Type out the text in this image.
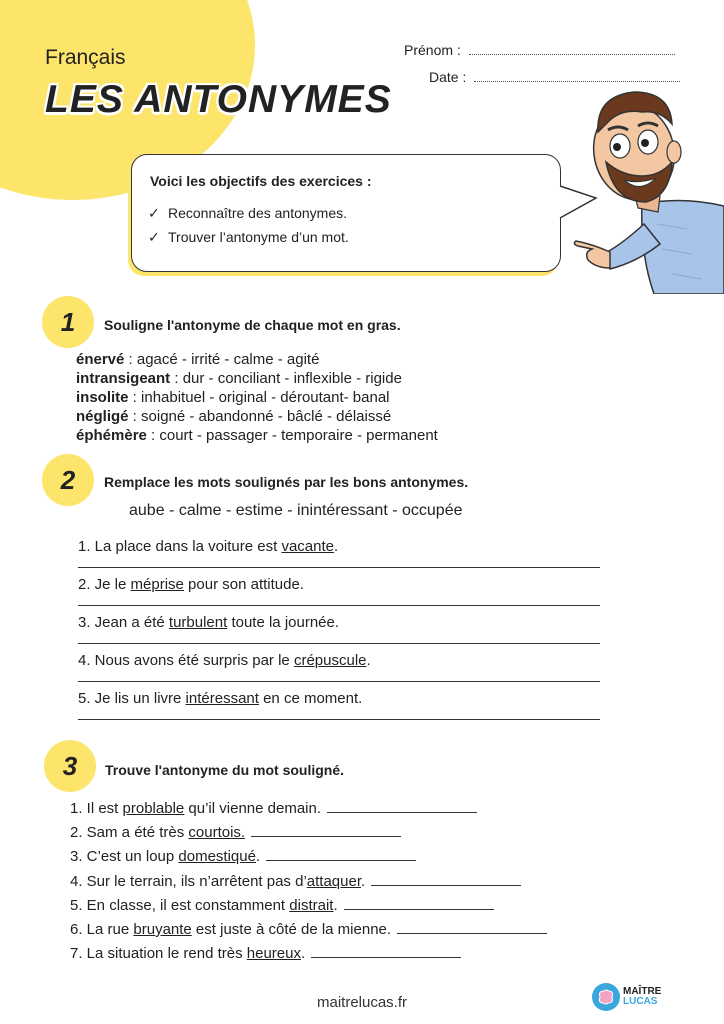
Français
LES ANTONYMES
Prénom :
Date :
Voici les objectifs des exercices :
✓ Reconnaître des antonymes.
✓ Trouver l’antonyme d’un mot.
1	Souligne l'antonyme de chaque mot en gras.
énervé : agacé - irrité - calme - agité
intransigeant : dur - conciliant - inflexible - rigide
insolite : inhabituel - original - déroutant- banal
négligé : soigné - abandonné - bâclé - délaissé
éphémère : court - passager - temporaire - permanent
2	Remplace les mots soulignés par les bons antonymes.
aube - calme - estime - inintéressant - occupée
1. La place dans la voiture est vacante.
2. Je le méprise pour son attitude.
3. Jean a été turbulent toute la journée.
4. Nous avons été surpris par le crépuscule.
5. Je lis un livre intéressant en ce moment.
3	Trouve l'antonyme du mot souligné.
1. Il est problable qu’il vienne demain.
2. Sam a été très courtois.
3. C’est un loup domestiqué.
4. Sur le terrain, ils n’arrêtent pas d’attaquer.
5. En classe, il est constamment distrait.
6. La rue bruyante est juste à côté de la mienne.
7. La situation le rend très heureux.
maitrelucas.fr
MAÎTRE
LUCAS
